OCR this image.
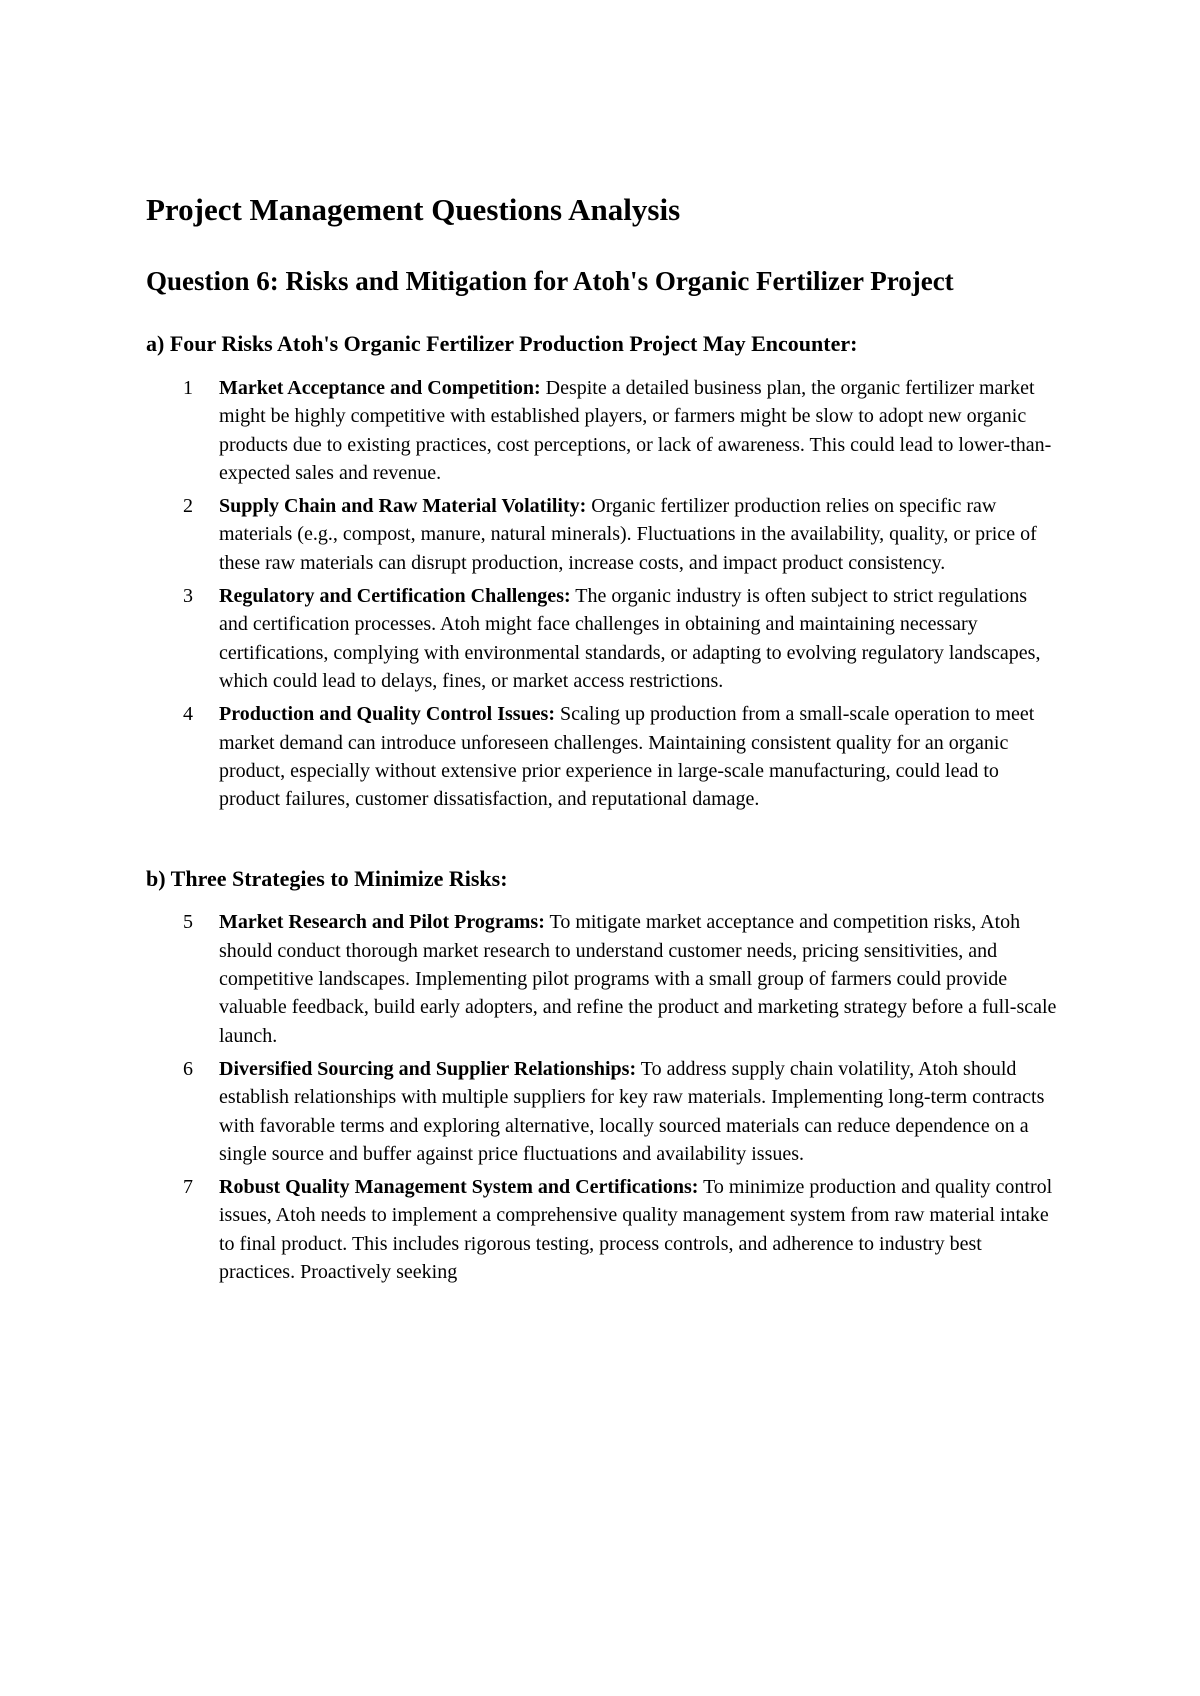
Project Management Questions Analysis
Question 6: Risks and Mitigation for Atoh's Organic Fertilizer Project
a) Four Risks Atoh's Organic Fertilizer Production Project May Encounter:
1 Market Acceptance and Competition: Despite a detailed business plan, the organic fertilizer market might be highly competitive with established players, or farmers might be slow to adopt new organic products due to existing practices, cost perceptions, or lack of awareness. This could lead to lower-than-expected sales and revenue.
2 Supply Chain and Raw Material Volatility: Organic fertilizer production relies on specific raw materials (e.g., compost, manure, natural minerals). Fluctuations in the availability, quality, or price of these raw materials can disrupt production, increase costs, and impact product consistency.
3 Regulatory and Certification Challenges: The organic industry is often subject to strict regulations and certification processes. Atoh might face challenges in obtaining and maintaining necessary certifications, complying with environmental standards, or adapting to evolving regulatory landscapes, which could lead to delays, fines, or market access restrictions.
4 Production and Quality Control Issues: Scaling up production from a small-scale operation to meet market demand can introduce unforeseen challenges. Maintaining consistent quality for an organic product, especially without extensive prior experience in large-scale manufacturing, could lead to product failures, customer dissatisfaction, and reputational damage.
b) Three Strategies to Minimize Risks:
5 Market Research and Pilot Programs: To mitigate market acceptance and competition risks, Atoh should conduct thorough market research to understand customer needs, pricing sensitivities, and competitive landscapes. Implementing pilot programs with a small group of farmers could provide valuable feedback, build early adopters, and refine the product and marketing strategy before a full-scale launch.
6 Diversified Sourcing and Supplier Relationships: To address supply chain volatility, Atoh should establish relationships with multiple suppliers for key raw materials. Implementing long-term contracts with favorable terms and exploring alternative, locally sourced materials can reduce dependence on a single source and buffer against price fluctuations and availability issues.
7 Robust Quality Management System and Certifications: To minimize production and quality control issues, Atoh needs to implement a comprehensive quality management system from raw material intake to final product. This includes rigorous testing, process controls, and adherence to industry best practices. Proactively seeking
